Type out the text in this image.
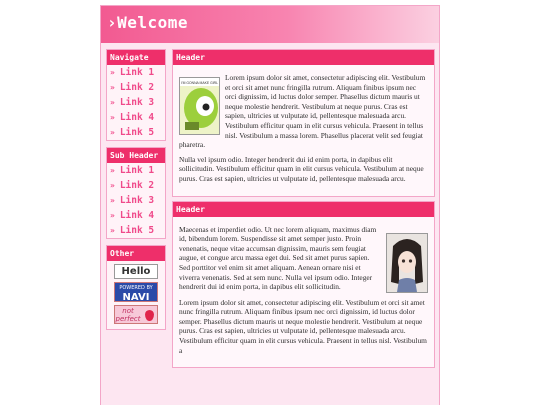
›Welcome
Navigate
» Link 1
» Link 2
» Link 3
» Link 4
» Link 5
Sub Header
» Link 1
» Link 2
» Link 3
» Link 4
» Link 5
Other
Hello
POWERED BY
NAVI
not perfect
Header

I'M GONNA MAKE GIRL
Lorem ipsum dolor sit amet, consectetur adipiscing elit. Vestibulum et orci sit amet nunc fringilla rutrum. Aliquam finibus ipsum nec orci dignissim, id luctus dolor semper. Phasellus dictum mauris ut neque molestie hendrerit. Vestibulum at neque purus. Cras est sapien, ultricies ut vulputate id, pellentesque malesuada arcu. Vestibulum efficitur quam in elit cursus vehicula. Praesent in tellus nisl. Vestibulum a massa lorem. Phasellus placerat velit sed feugiat pharetra.

Nulla vel ipsum odio. Integer hendrerit dui id enim porta, in dapibus elit sollicitudin. Vestibulum efficitur quam in elit cursus vehicula. Vestibulum at neque purus. Cras est sapien, ultricies ut vulputate id, pellentesque malesuada arcu.

Header

Maecenas et imperdiet odio. Ut nec lorem aliquam, maximus diam id, bibendum lorem. Suspendisse sit amet semper justo. Proin venenatis, neque vitae accumsan dignissim, mauris sem feugiat augue, et congue arcu massa eget dui. Sed sit amet purus sapien. Sed porttitor vel enim sit amet aliquam. Aenean ornare nisi et viverra venenatis. Sed at sem nunc. Nulla vel ipsum odio. Integer hendrerit dui id enim porta, in dapibus elit sollicitudin.

Lorem ipsum dolor sit amet, consectetur adipiscing elit. Vestibulum et orci sit amet nunc fringilla rutrum. Aliquam finibus ipsum nec orci dignissim, id luctus dolor semper. Phasellus dictum mauris ut neque molestie hendrerit. Vestibulum at neque purus. Cras est sapien, ultricies ut vulputate id, pellentesque malesuada arcu. Vestibulum efficitur quam in elit cursus vehicula. Praesent in tellus nisl. Vestibulum a
